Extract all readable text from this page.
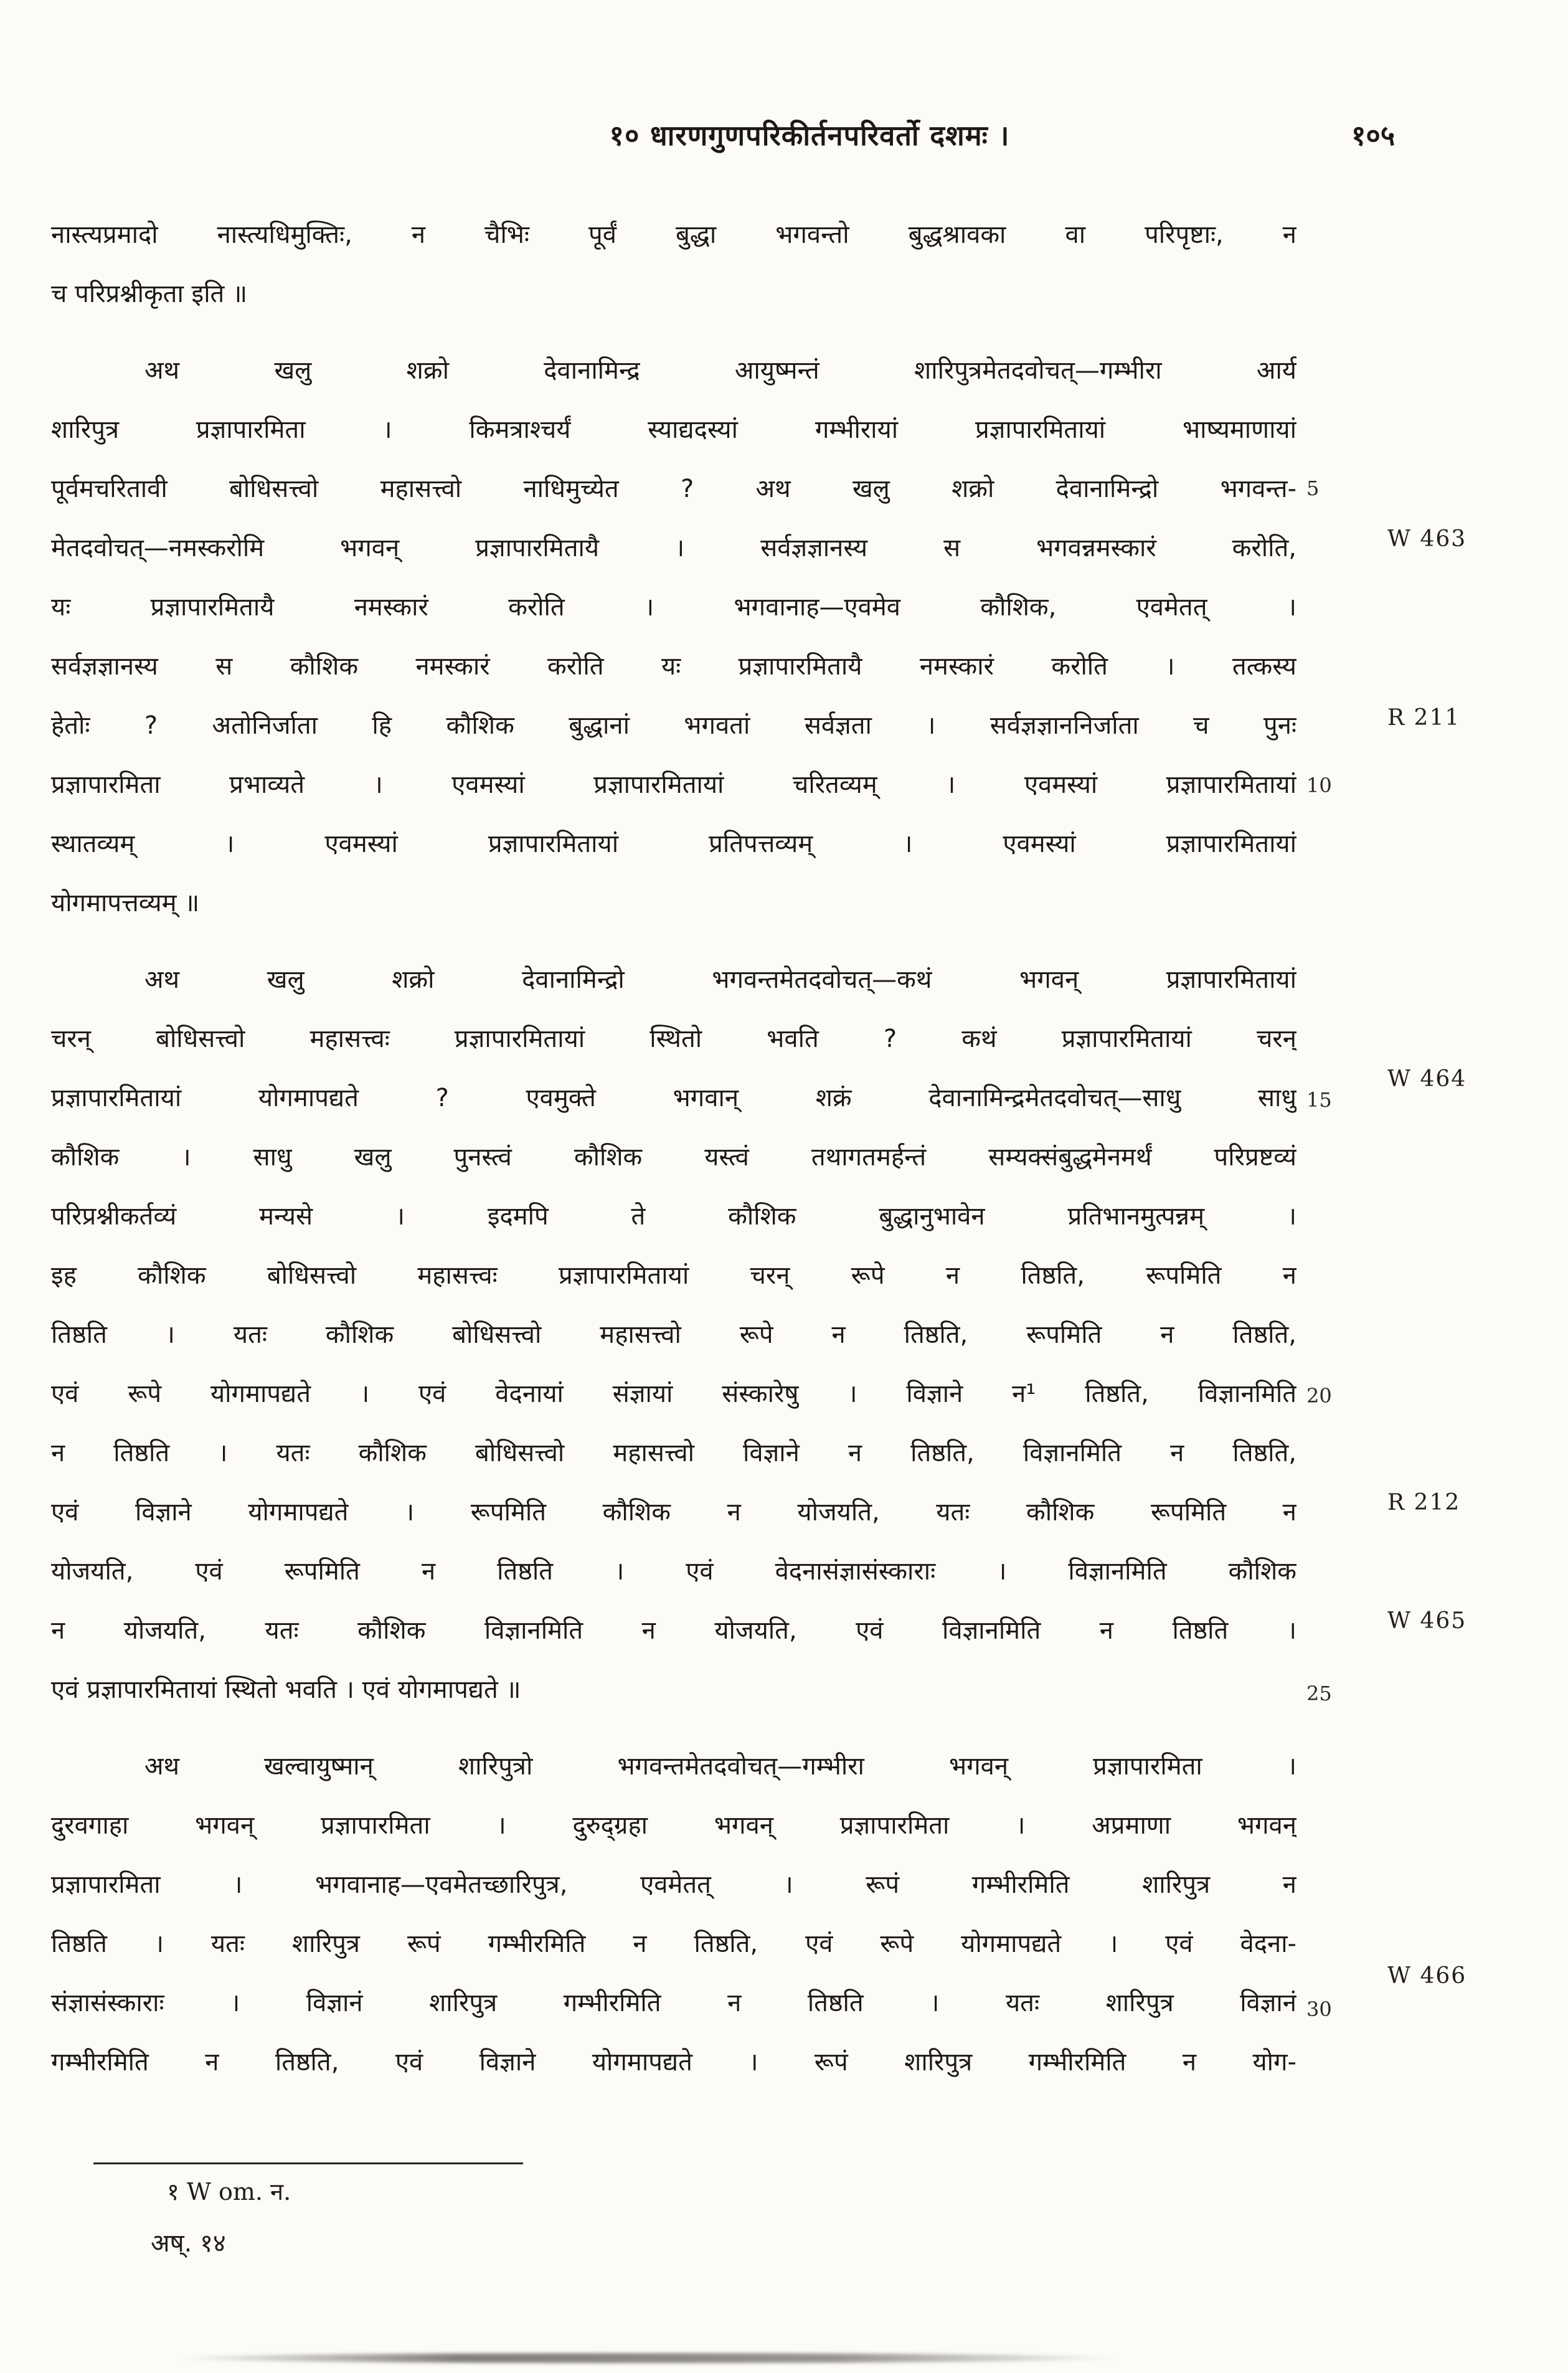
१० धारणगुणपरिकीर्तनपरिवर्तो दशमः ।	१०५
नास्त्यप्रमादो नास्त्यधिमुक्तिः, न चैभिः पूर्वं बुद्धा भगवन्तो बुद्धश्रावका वा परिपृष्टाः, न
च परिप्रश्नीकृता इति ॥
अथ खलु शक्रो देवानामिन्द्र आयुष्मन्तं शारिपुत्रमेतदवोचत्—गम्भीरा आर्य
शारिपुत्र प्रज्ञापारमिता । किमत्राश्चर्यं स्याद्यदस्यां गम्भीरायां प्रज्ञापारमितायां भाष्यमाणायां
पूर्वमचरितावी बोधिसत्त्वो महासत्त्वो नाधिमुच्येत ? अथ खलु शक्रो देवानामिन्द्रो भगवन्त-
मेतदवोचत्—नमस्करोमि भगवन् प्रज्ञापारमितायै । सर्वज्ञज्ञानस्य स भगवन्नमस्कारं करोति,
यः प्रज्ञापारमितायै नमस्कारं करोति । भगवानाह—एवमेव कौशिक, एवमेतत् ।
सर्वज्ञज्ञानस्य स कौशिक नमस्कारं करोति यः प्रज्ञापारमितायै नमस्कारं करोति । तत्कस्य
हेतोः ? अतोनिर्जाता हि कौशिक बुद्धानां भगवतां सर्वज्ञता । सर्वज्ञज्ञाननिर्जाता च पुनः
प्रज्ञापारमिता प्रभाव्यते । एवमस्यां प्रज्ञापारमितायां चरितव्यम् । एवमस्यां प्रज्ञापारमितायां
स्थातव्यम् । एवमस्यां प्रज्ञापारमितायां प्रतिपत्तव्यम् । एवमस्यां प्रज्ञापारमितायां
योगमापत्तव्यम् ॥
अथ खलु शक्रो देवानामिन्द्रो भगवन्तमेतदवोचत्—कथं भगवन् प्रज्ञापारमितायां
चरन् बोधिसत्त्वो महासत्त्वः प्रज्ञापारमितायां स्थितो भवति ? कथं प्रज्ञापारमितायां चरन्
प्रज्ञापारमितायां योगमापद्यते ? एवमुक्ते भगवान् शक्रं देवानामिन्द्रमेतदवोचत्—साधु साधु
कौशिक । साधु खलु पुनस्त्वं कौशिक यस्त्वं तथागतमर्हन्तं सम्यक्संबुद्धमेनमर्थं परिप्रष्टव्यं
परिप्रश्नीकर्तव्यं मन्यसे । इदमपि ते कौशिक बुद्धानुभावेन प्रतिभानमुत्पन्नम् ।
इह कौशिक बोधिसत्त्वो महासत्त्वः प्रज्ञापारमितायां चरन् रूपे न तिष्ठति, रूपमिति न
तिष्ठति । यतः कौशिक बोधिसत्त्वो महासत्त्वो रूपे न तिष्ठति, रूपमिति न तिष्ठति,
एवं रूपे योगमापद्यते । एवं वेदनायां संज्ञायां संस्कारेषु । विज्ञाने न¹ तिष्ठति, विज्ञानमिति
न तिष्ठति । यतः कौशिक बोधिसत्त्वो महासत्त्वो विज्ञाने न तिष्ठति, विज्ञानमिति न तिष्ठति,
एवं विज्ञाने योगमापद्यते । रूपमिति कौशिक न योजयति, यतः कौशिक रूपमिति न
योजयति, एवं रूपमिति न तिष्ठति । एवं वेदनासंज्ञासंस्काराः । विज्ञानमिति कौशिक
न योजयति, यतः कौशिक विज्ञानमिति न योजयति, एवं विज्ञानमिति न तिष्ठति ।
एवं प्रज्ञापारमितायां स्थितो भवति । एवं योगमापद्यते ॥
अथ खल्वायुष्मान् शारिपुत्रो भगवन्तमेतदवोचत्—गम्भीरा भगवन् प्रज्ञापारमिता ।
दुरवगाहा भगवन् प्रज्ञापारमिता । दुरुद्ग्रहा भगवन् प्रज्ञापारमिता । अप्रमाणा भगवन्
प्रज्ञापारमिता । भगवानाह—एवमेतच्छारिपुत्र, एवमेतत् । रूपं गम्भीरमिति शारिपुत्र न
तिष्ठति । यतः शारिपुत्र रूपं गम्भीरमिति न तिष्ठति, एवं रूपे योगमापद्यते । एवं वेदना-
संज्ञासंस्काराः । विज्ञानं शारिपुत्र गम्भीरमिति न तिष्ठति । यतः शारिपुत्र विज्ञानं
गम्भीरमिति न तिष्ठति, एवं विज्ञाने योगमापद्यते । रूपं शारिपुत्र गम्भीरमिति न योग-
W 463
R 211
W 464
R 212
W 465
W 466
5
10
15
20
25
30
१ W om. न.
अष्. १४
